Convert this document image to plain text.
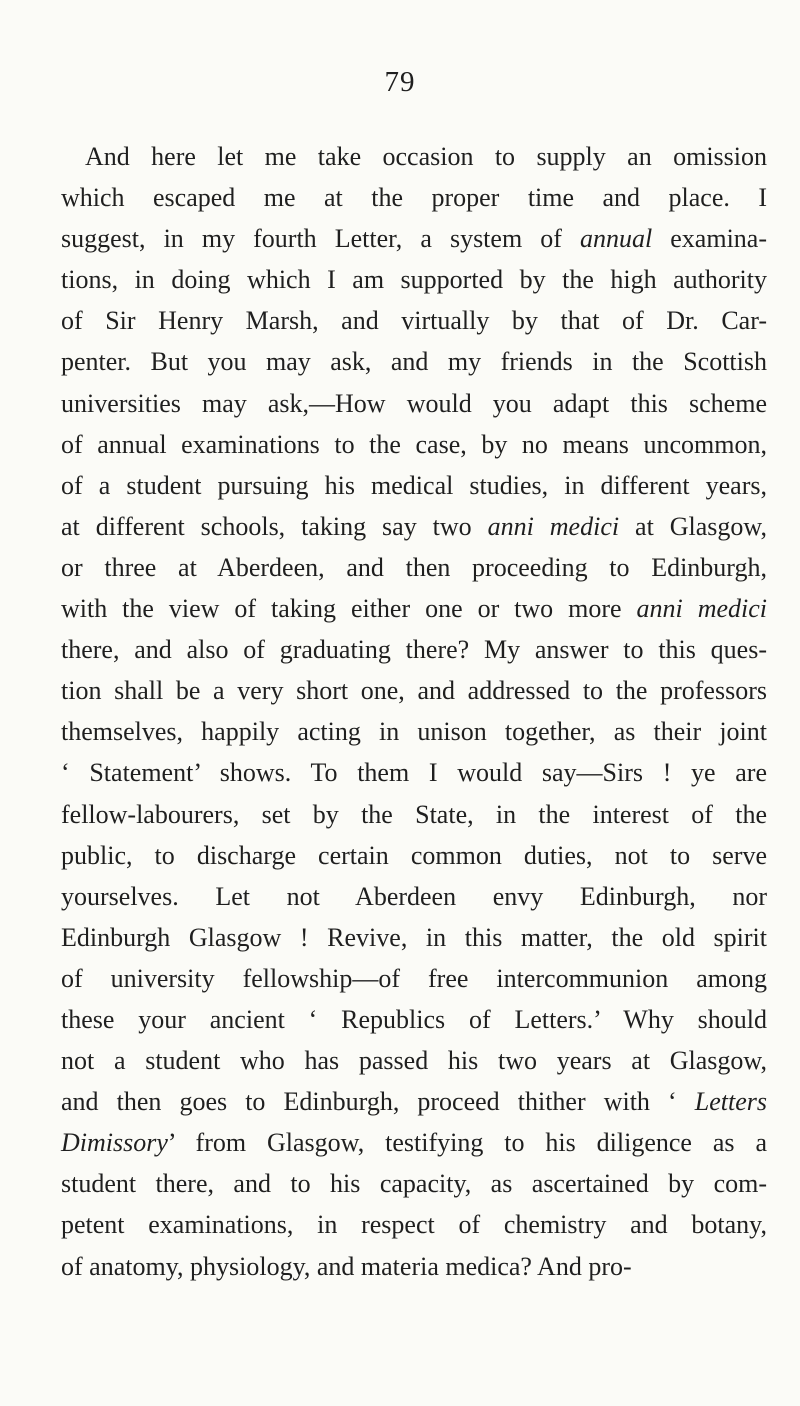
79
And here let me take occasion to supply an omission
which escaped me at the proper time and place. I
suggest, in my fourth Letter, a system of annual examina-
tions, in doing which I am supported by the high authority
of Sir Henry Marsh, and virtually by that of Dr. Car-
penter. But you may ask, and my friends in the Scottish
universities may ask,—How would you adapt this scheme
of annual examinations to the case, by no means uncommon,
of a student pursuing his medical studies, in different years,
at different schools, taking say two anni medici at Glasgow,
or three at Aberdeen, and then proceeding to Edinburgh,
with the view of taking either one or two more anni medici
there, and also of graduating there? My answer to this ques-
tion shall be a very short one, and addressed to the professors
themselves, happily acting in unison together, as their joint
‘ Statement’ shows. To them I would say—Sirs ! ye are
fellow-labourers, set by the State, in the interest of the
public, to discharge certain common duties, not to serve
yourselves. Let not Aberdeen envy Edinburgh, nor
Edinburgh Glasgow ! Revive, in this matter, the old spirit
of university fellowship—of free intercommunion among
these your ancient ‘ Republics of Letters.’ Why should
not a student who has passed his two years at Glasgow,
and then goes to Edinburgh, proceed thither with ‘ Letters
Dimissory’ from Glasgow, testifying to his diligence as a
student there, and to his capacity, as ascertained by com-
petent examinations, in respect of chemistry and botany,
of anatomy, physiology, and materia medica? And pro-
